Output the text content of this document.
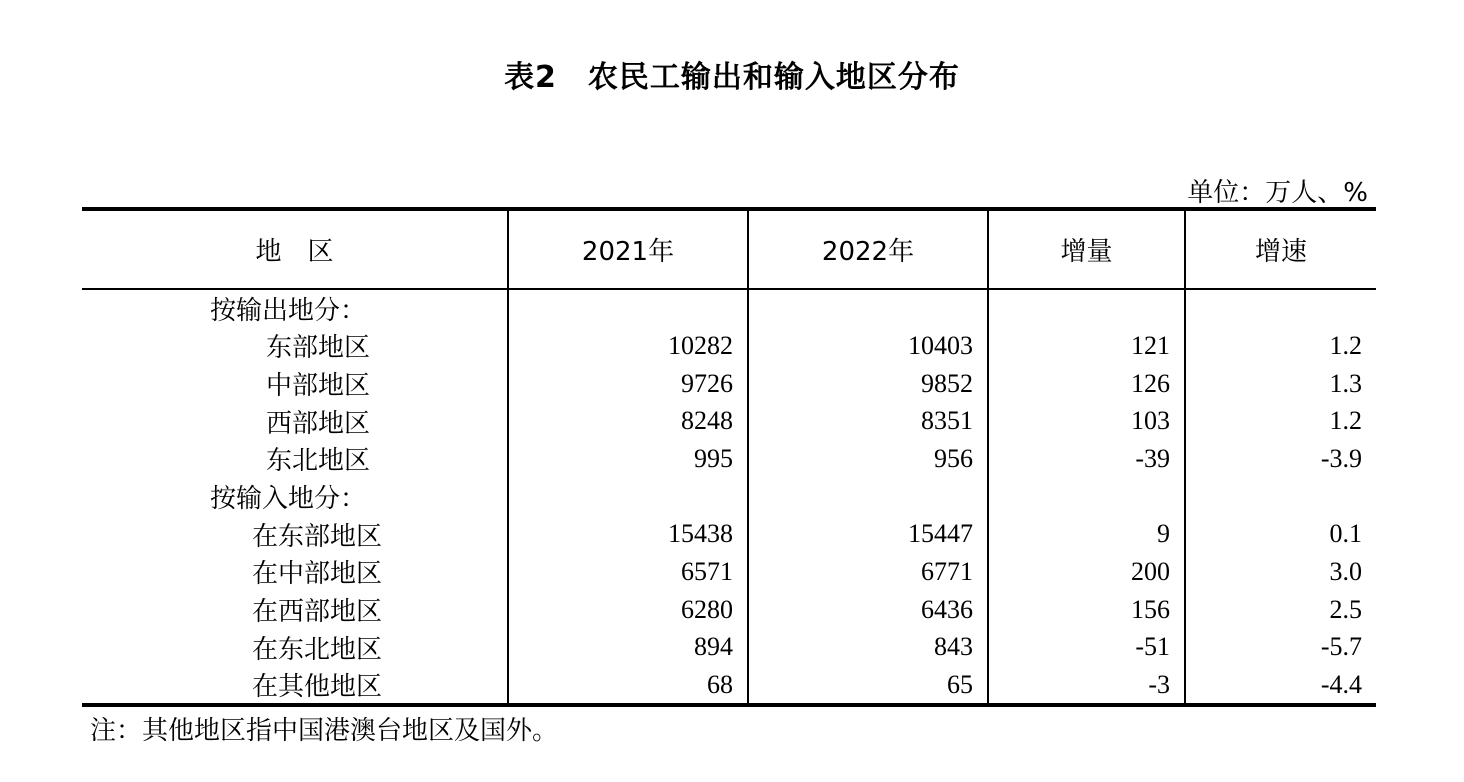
表2　农民工输出和输入地区分布
单位：万人、%
地　区	2021年	2022年	增量	增速
按输出地分：				
东部地区	10282	10403	121	1.2
中部地区	9726	9852	126	1.3
西部地区	8248	8351	103	1.2
东北地区	995	956	-39	-3.9
按输入地分：				
在东部地区	15438	15447	9	0.1
在中部地区	6571	6771	200	3.0
在西部地区	6280	6436	156	2.5
在东北地区	894	843	-51	-5.7
在其他地区	68	65	-3	-4.4
注：其他地区指中国港澳台地区及国外。
